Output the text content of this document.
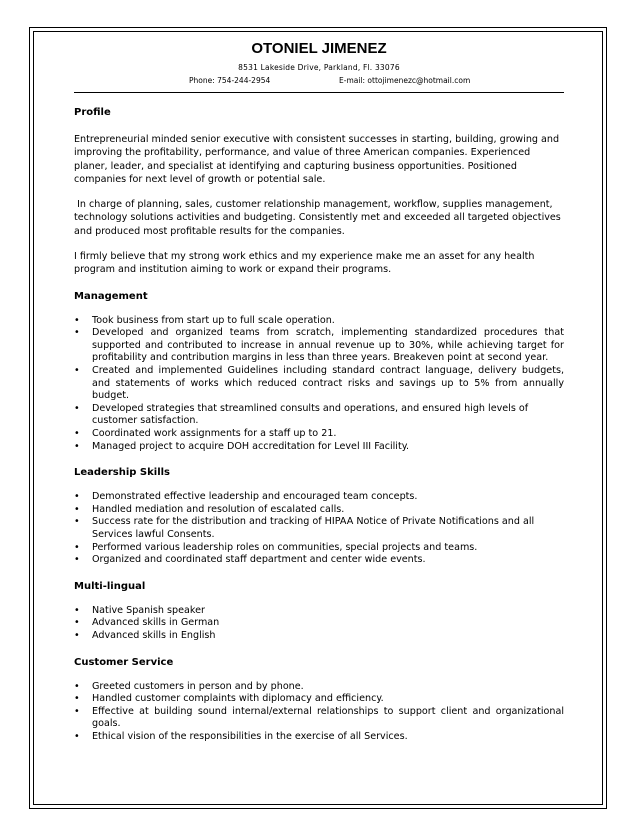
OTONIEL JIMENEZ
8531 Lakeside Drive, Parkland, Fl. 33076
Phone: 754-244-2954	E-mail: ottojimenezc@hotmail.com
Profile

Entrepreneurial minded senior executive with consistent successes in starting, building, growing and improving the profitability, performance, and value of three American companies. Experienced planer, leader, and specialist at identifying and capturing business opportunities. Positioned companies for next level of growth or potential sale.

In charge of planning, sales, customer relationship management, workflow, supplies management, technology solutions activities and budgeting. Consistently met and exceeded all targeted objectives and produced most profitable results for the companies.

I firmly believe that my strong work ethics and my experience make me an asset for any health program and institution aiming to work or expand their programs.

Management
• Took business from start up to full scale operation.
• Developed and organized teams from scratch, implementing standardized procedures that supported and contributed to increase in annual revenue up to 30%, while achieving target for profitability and contribution margins in less than three years. Breakeven point at second year.
• Created and implemented Guidelines including standard contract language, delivery budgets, and statements of works which reduced contract risks and savings up to 5% from annually budget.
• Developed strategies that streamlined consults and operations, and ensured high levels of customer satisfaction.
• Coordinated work assignments for a staff up to 21.
• Managed project to acquire DOH accreditation for Level III Facility.
Leadership Skills
• Demonstrated effective leadership and encouraged team concepts.
• Handled mediation and resolution of escalated calls.
• Success rate for the distribution and tracking of HIPAA Notice of Private Notifications and all Services lawful Consents.
• Performed various leadership roles on communities, special projects and teams.
• Organized and coordinated staff department and center wide events.
Multi-lingual
• Native Spanish speaker
• Advanced skills in German
• Advanced skills in English
Customer Service
• Greeted customers in person and by phone.
• Handled customer complaints with diplomacy and efficiency.
• Effective at building sound internal/external relationships to support client and organizational goals.
• Ethical vision of the responsibilities in the exercise of all Services.
